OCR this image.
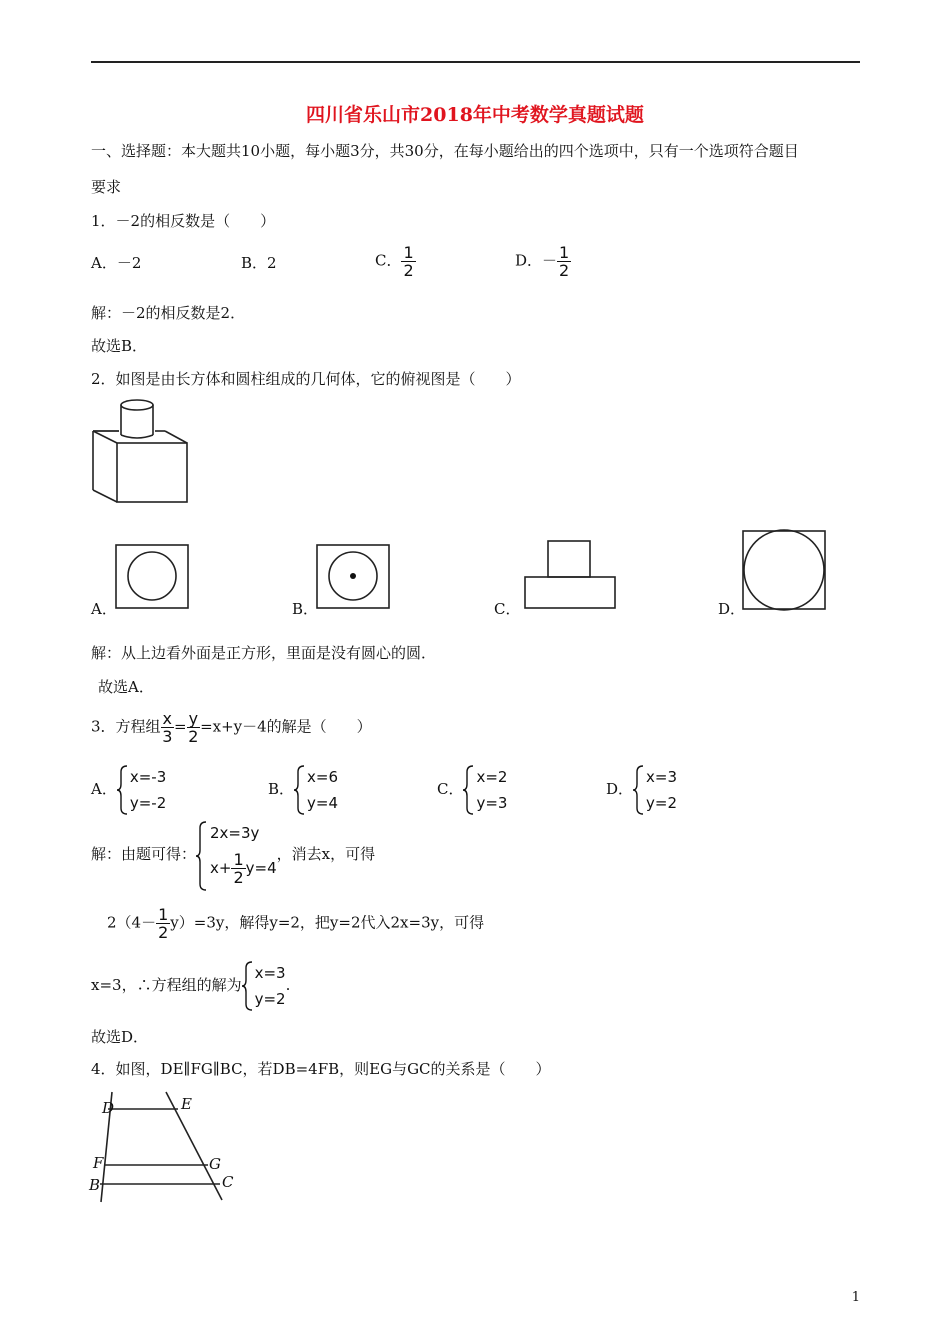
四川省乐山市2018年中考数学真题试题
一、选择题：本大题共10小题，每小题3分，共30分，在每小题给出的四个选项中，只有一个选项符合题目
要求
1．－2的相反数是（　　）
A．－2	B．2	C． $\frac{1}{2}$	D．－ $\frac{1}{2}$
解：－2的相反数是2．
故选B．
2．如图是由长方体和圆柱组成的几何体，它的俯视图是（　　）
A．	B．	C．	D．
解：从上边看外面是正方形，里面是没有圆心的圆．
故选A．
3．方程组 $\frac{x}{3} = \frac{y}{2} =x+y-4$的解是（　　）
A．
x=-3
y=-2
B．
x=6
y=4
C．
x=2
y=3
D．
x=3
y=2
解：由题可得：
2x=3y
$x+ \frac{1}{2} y=4$
，消去x，可得
$2(4- \frac{1}{2} y)=3y$，解得y=2，把y=2代入2x=3y，可得
x=3，∴方程组的解为
x=3
y=2
.
故选D．
4．如图，DE∥FG∥BC，若DB=4FB，则EG与GC的关系是（　　）
D	E
F	G
B	C
1
